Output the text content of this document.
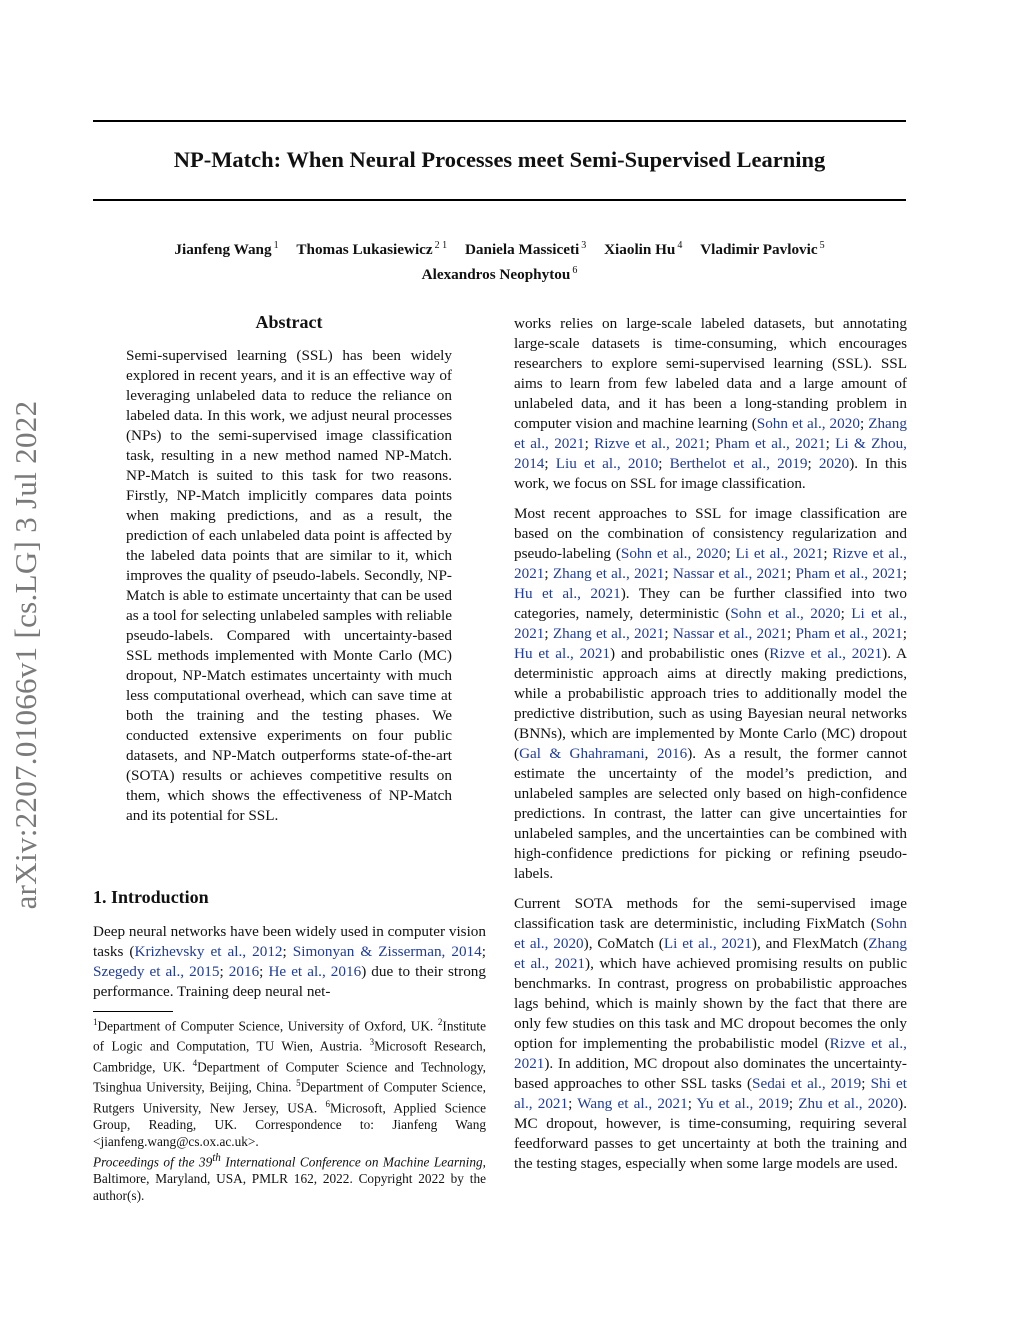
arXiv:2207.01066v1 [cs.LG] 3 Jul 2022
NP-Match: When Neural Processes meet Semi-Supervised Learning
Jianfeng Wang $^1$ Thomas Lukasiewicz $^{2 1}$ Daniela Massiceti $^3$ Xiaolin Hu $^4$ Vladimir Pavlovic $^5$
Alexandros Neophytou $^6$
Abstract

Semi-supervised learning (SSL) has been widely explored in recent years, and it is an effective way of leveraging unlabeled data to reduce the reliance on labeled data. In this work, we adjust neural processes (NPs) to the semi-supervised image classification task, resulting in a new method named NP-Match. NP-Match is suited to this task for two reasons. Firstly, NP-Match implicitly compares data points when making predictions, and as a result, the prediction of each unlabeled data point is affected by the labeled data points that are similar to it, which improves the quality of pseudo-labels. Secondly, NP-Match is able to estimate uncertainty that can be used as a tool for selecting unlabeled samples with reliable pseudo-labels. Compared with uncertainty-based SSL methods implemented with Monte Carlo (MC) dropout, NP-Match estimates uncertainty with much less computational overhead, which can save time at both the training and the testing phases. We conducted extensive experiments on four public datasets, and NP-Match outperforms state-of-the-art (SOTA) results or achieves competitive results on them, which shows the effectiveness of NP-Match and its potential for SSL.

1. Introduction

Deep neural networks have been widely used in computer vision tasks (Krizhevsky et al., 2012; Simonyan & Zisserman, 2014; Szegedy et al., 2015; 2016; He et al., 2016) due to their strong performance. Training deep neural net-

$^1$Department of Computer Science, University of Oxford, UK. $^2$Institute of Logic and Computation, TU Wien, Austria. $^3$Microsoft Research, Cambridge, UK. $^4$Department of Computer Science and Technology, Tsinghua University, Beijing, China. $^5$Department of Computer Science, Rutgers University, New Jersey, USA. $^6$Microsoft, Applied Science Group, Reading, UK. Correspondence to: Jianfeng Wang <jianfeng.wang@cs.ox.ac.uk>.

Proceedings of the 39th International Conference on Machine Learning, Baltimore, Maryland, USA, PMLR 162, 2022. Copyright 2022 by the author(s).

works relies on large-scale labeled datasets, but annotating large-scale datasets is time-consuming, which encourages researchers to explore semi-supervised learning (SSL). SSL aims to learn from few labeled data and a large amount of unlabeled data, and it has been a long-standing problem in computer vision and machine learning (Sohn et al., 2020; Zhang et al., 2021; Rizve et al., 2021; Pham et al., 2021; Li & Zhou, 2014; Liu et al., 2010; Berthelot et al., 2019; 2020). In this work, we focus on SSL for image classification.

Most recent approaches to SSL for image classification are based on the combination of consistency regularization and pseudo-labeling (Sohn et al., 2020; Li et al., 2021; Rizve et al., 2021; Zhang et al., 2021; Nassar et al., 2021; Pham et al., 2021; Hu et al., 2021). They can be further classified into two categories, namely, deterministic (Sohn et al., 2020; Li et al., 2021; Zhang et al., 2021; Nassar et al., 2021; Pham et al., 2021; Hu et al., 2021) and probabilistic ones (Rizve et al., 2021). A deterministic approach aims at directly making predictions, while a probabilistic approach tries to additionally model the predictive distribution, such as using Bayesian neural networks (BNNs), which are implemented by Monte Carlo (MC) dropout (Gal & Ghahramani, 2016). As a result, the former cannot estimate the uncertainty of the model’s prediction, and unlabeled samples are selected only based on high-confidence predictions. In contrast, the latter can give uncertainties for unlabeled samples, and the uncertainties can be combined with high-confidence predictions for picking or refining pseudo-labels.

Current SOTA methods for the semi-supervised image classification task are deterministic, including FixMatch (Sohn et al., 2020), CoMatch (Li et al., 2021), and FlexMatch (Zhang et al., 2021), which have achieved promising results on public benchmarks. In contrast, progress on probabilistic approaches lags behind, which is mainly shown by the fact that there are only few studies on this task and MC dropout becomes the only option for implementing the probabilistic model (Rizve et al., 2021). In addition, MC dropout also dominates the uncertainty-based approaches to other SSL tasks (Sedai et al., 2019; Shi et al., 2021; Wang et al., 2021; Yu et al., 2019; Zhu et al., 2020). MC dropout, however, is time-consuming, requiring several feedforward passes to get uncertainty at both the training and the testing stages, especially when some large models are used.
